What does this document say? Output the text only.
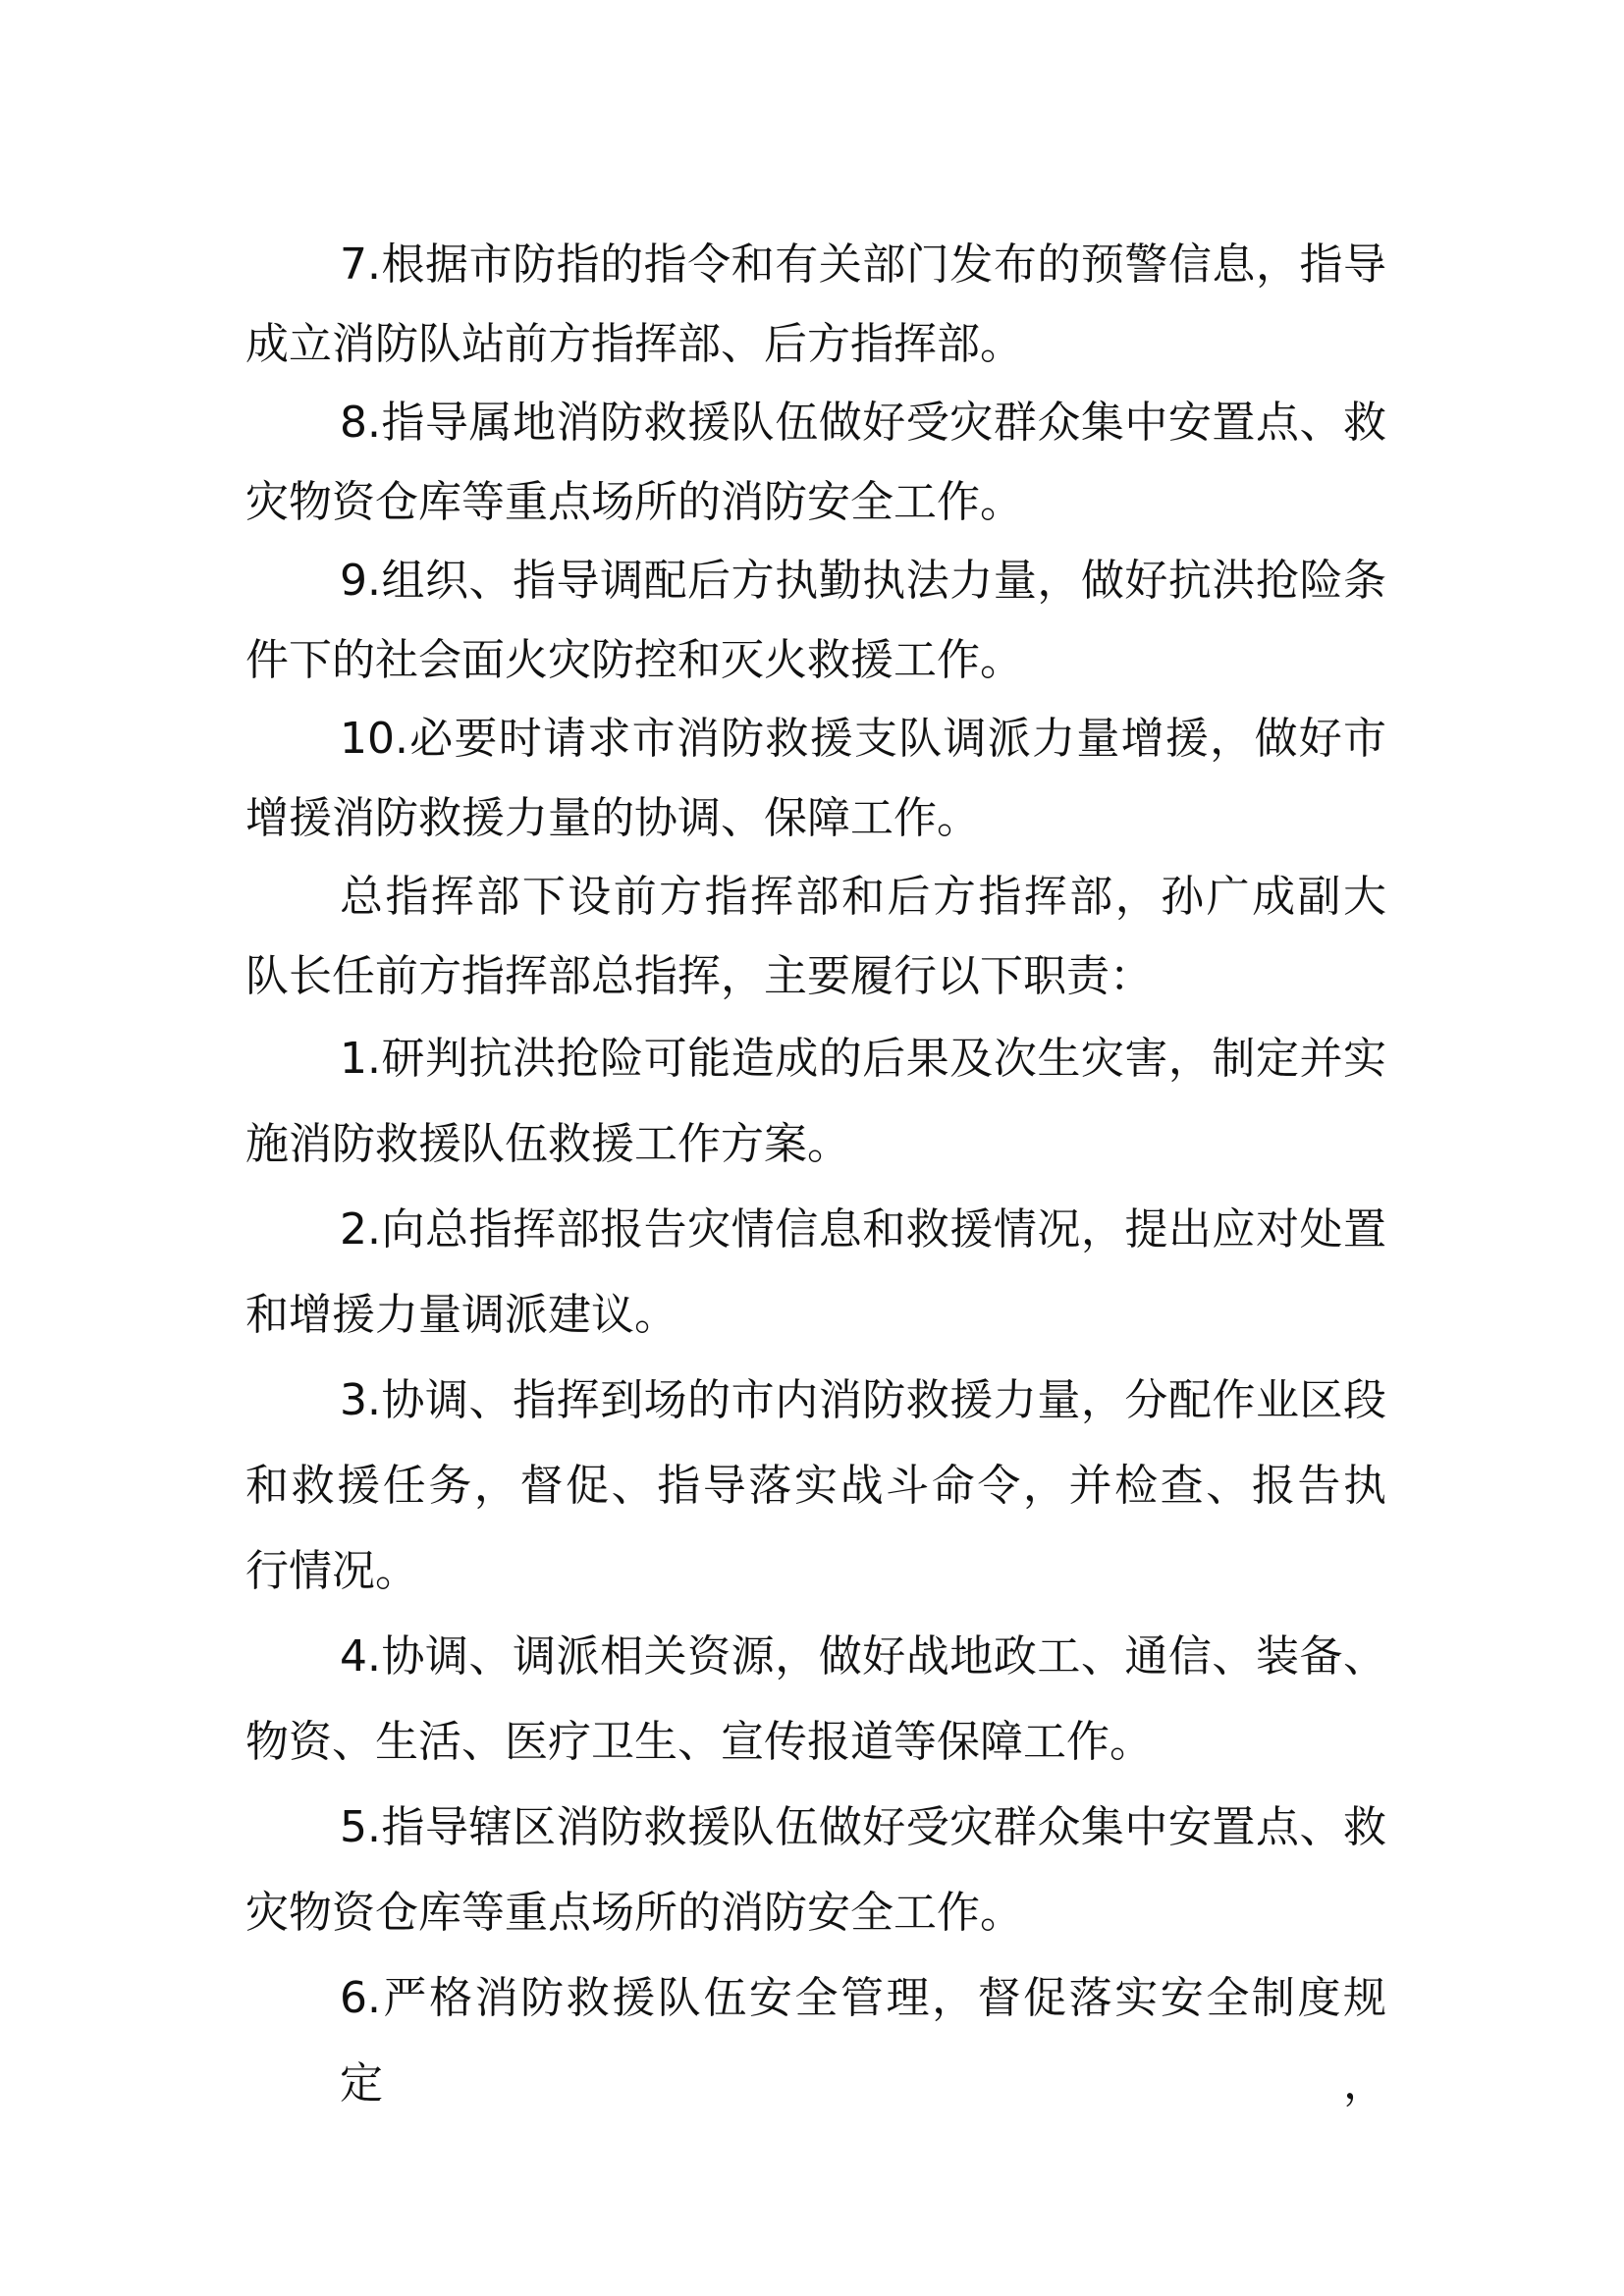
7.根据市防指的指令和有关部门发布的预警信息，指导
成立消防队站前方指挥部、后方指挥部。
8.指导属地消防救援队伍做好受灾群众集中安置点、救
灾物资仓库等重点场所的消防安全工作。
9.组织、指导调配后方执勤执法力量，做好抗洪抢险条
件下的社会面火灾防控和灭火救援工作。
10.必要时请求市消防救援支队调派力量增援，做好市
增援消防救援力量的协调、保障工作。
总指挥部下设前方指挥部和后方指挥部，孙广成副大
队长任前方指挥部总指挥，主要履行以下职责：
1.研判抗洪抢险可能造成的后果及次生灾害，制定并实
施消防救援队伍救援工作方案。
2.向总指挥部报告灾情信息和救援情况，提出应对处置
和增援力量调派建议。
3.协调、指挥到场的市内消防救援力量，分配作业区段
和救援任务，督促、指导落实战斗命令，并检查、报告执
行情况。
4.协调、调派相关资源，做好战地政工、通信、装备、
物资、生活、医疗卫生、宣传报道等保障工作。
5.指导辖区消防救援队伍做好受灾群众集中安置点、救
灾物资仓库等重点场所的消防安全工作。
6.严格消防救援队伍安全管理，督促落实安全制度规定，
